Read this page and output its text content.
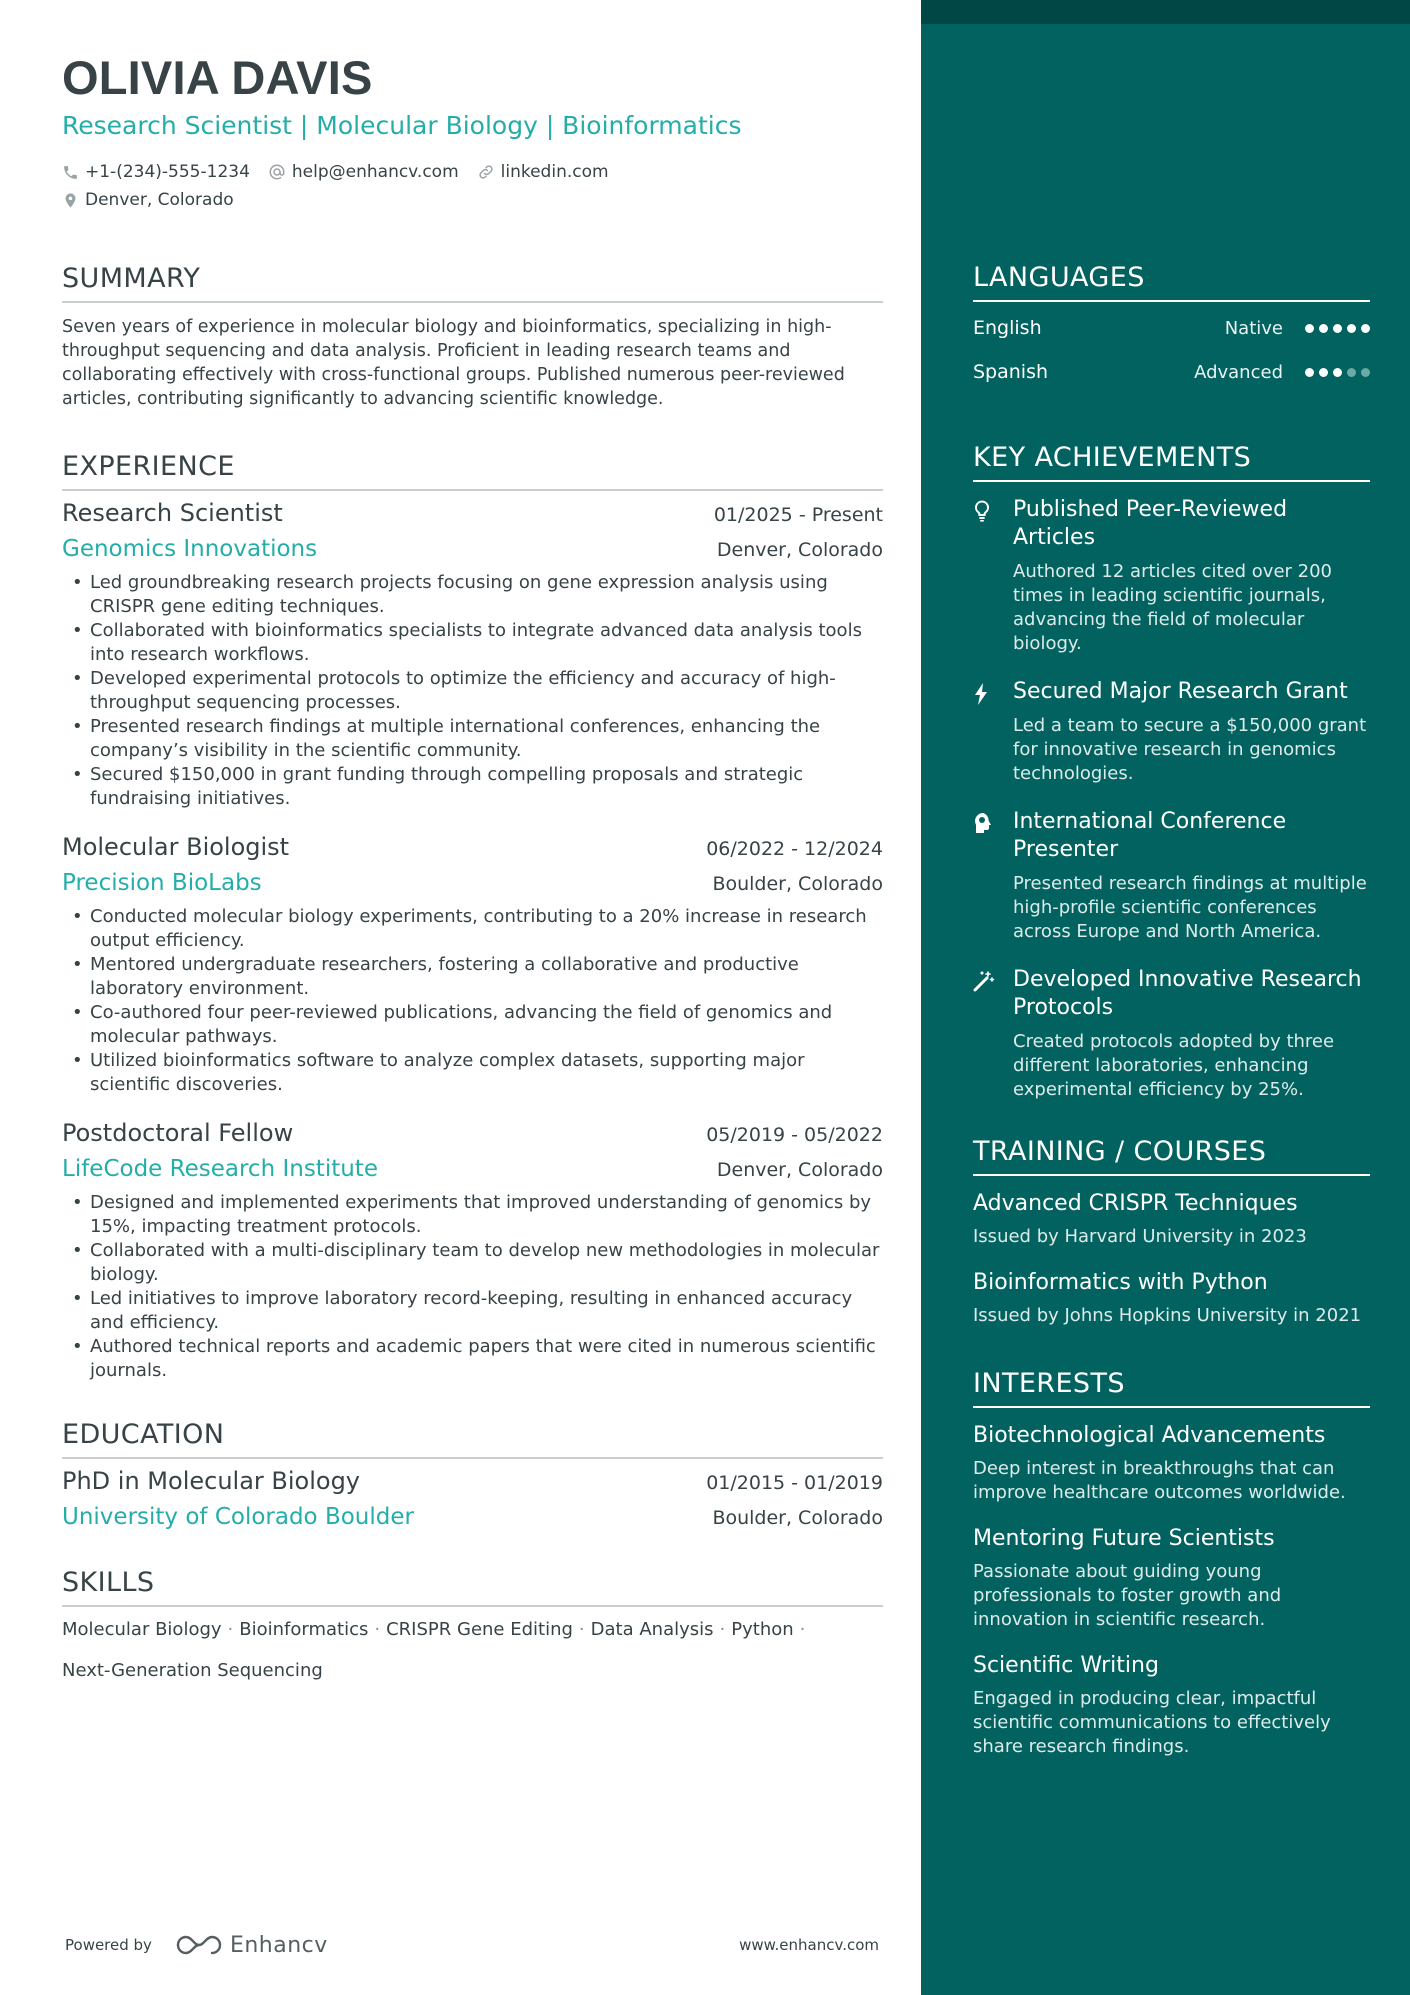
OLIVIA DAVIS
Research Scientist | Molecular Biology | Bioinformatics
+1-(234)-555-1234 help@enhancv.com linkedin.com
Denver, Colorado
SUMMARY
Seven years of experience in molecular biology and bioinformatics, specializing in high-throughput sequencing and data analysis. Proficient in leading research teams and collaborating effectively with cross-functional groups. Published numerous peer-reviewed articles, contributing significantly to advancing scientific knowledge.
EXPERIENCE
Research Scientist	01/2025 - Present
Genomics Innovations	Denver, Colorado
• Led groundbreaking research projects focusing on gene expression analysis using CRISPR gene editing techniques.
• Collaborated with bioinformatics specialists to integrate advanced data analysis tools into research workflows.
• Developed experimental protocols to optimize the efficiency and accuracy of high-throughput sequencing processes.
• Presented research findings at multiple international conferences, enhancing the company’s visibility in the scientific community.
• Secured $150,000 in grant funding through compelling proposals and strategic fundraising initiatives.
Molecular Biologist	06/2022 - 12/2024
Precision BioLabs	Boulder, Colorado
• Conducted molecular biology experiments, contributing to a 20% increase in research output efficiency.
• Mentored undergraduate researchers, fostering a collaborative and productive laboratory environment.
• Co-authored four peer-reviewed publications, advancing the field of genomics and molecular pathways.
• Utilized bioinformatics software to analyze complex datasets, supporting major scientific discoveries.
Postdoctoral Fellow	05/2019 - 05/2022
LifeCode Research Institute	Denver, Colorado
• Designed and implemented experiments that improved understanding of genomics by 15%, impacting treatment protocols.
• Collaborated with a multi-disciplinary team to develop new methodologies in molecular biology.
• Led initiatives to improve laboratory record-keeping, resulting in enhanced accuracy and efficiency.
• Authored technical reports and academic papers that were cited in numerous scientific journals.
EDUCATION
PhD in Molecular Biology	01/2015 - 01/2019
University of Colorado Boulder	Boulder, Colorado
SKILLS
Molecular Biology · Bioinformatics · CRISPR Gene Editing · Data Analysis · Python ·
Next-Generation Sequencing
Powered by	Enhancv	www.enhancv.com
LANGUAGES
English	Native
Spanish	Advanced
KEY ACHIEVEMENTS
Published Peer-Reviewed Articles
Authored 12 articles cited over 200 times in leading scientific journals, advancing the field of molecular biology.
Secured Major Research Grant
Led a team to secure a $150,000 grant for innovative research in genomics technologies.
International Conference Presenter
Presented research findings at multiple high-profile scientific conferences across Europe and North America.
Developed Innovative Research Protocols
Created protocols adopted by three different laboratories, enhancing experimental efficiency by 25%.
TRAINING / COURSES
Advanced CRISPR Techniques
Issued by Harvard University in 2023
Bioinformatics with Python
Issued by Johns Hopkins University in 2021
INTERESTS
Biotechnological Advancements
Deep interest in breakthroughs that can improve healthcare outcomes worldwide.
Mentoring Future Scientists
Passionate about guiding young professionals to foster growth and innovation in scientific research.
Scientific Writing
Engaged in producing clear, impactful scientific communications to effectively share research findings.
